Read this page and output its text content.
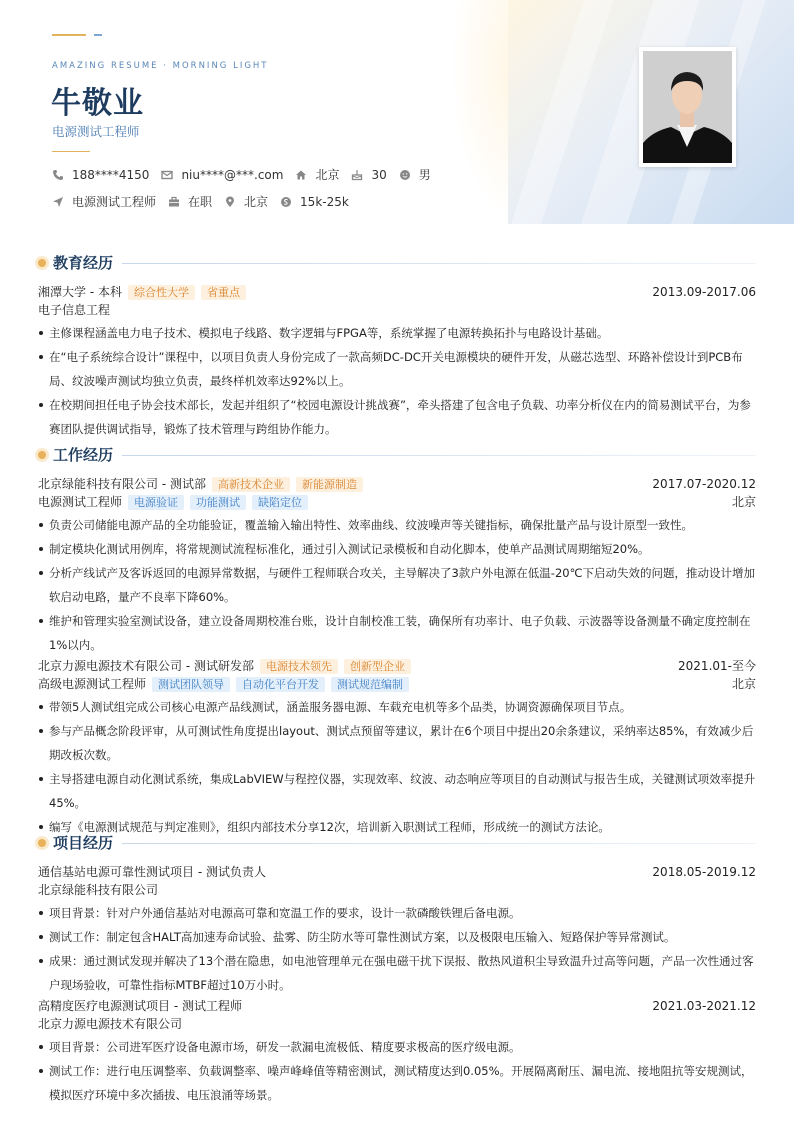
AMAZING RESUME · MORNING LIGHT
牛敬业
电源测试工程师
188****4150	niu****@***.com	北京	30	男
电源测试工程师	在职	北京	15k-25k
教育经历
湘潭大学 - 本科	综合性大学	省重点	2013.09-2017.06
电子信息工程
主修课程涵盖电力电子技术、模拟电子线路、数字逻辑与FPGA等，系统掌握了电源转换拓扑与电路设计基础。
在“电子系统综合设计”课程中，以项目负责人身份完成了一款高频DC-DC开关电源模块的硬件开发，从磁芯选型、环路补偿设计到PCB布局、纹波噪声测试均独立负责，最终样机效率达92%以上。
在校期间担任电子协会技术部长，发起并组织了“校园电源设计挑战赛”，牵头搭建了包含电子负载、功率分析仪在内的简易测试平台，为参赛团队提供调试指导，锻炼了技术管理与跨组协作能力。
工作经历
北京绿能科技有限公司 - 测试部	高新技术企业	新能源制造	2017.07-2020.12
电源测试工程师	电源验证	功能测试	缺陷定位	北京
负责公司储能电源产品的全功能验证，覆盖输入输出特性、效率曲线、纹波噪声等关键指标，确保批量产品与设计原型一致性。
制定模块化测试用例库，将常规测试流程标准化，通过引入测试记录模板和自动化脚本，使单产品测试周期缩短20%。
分析产线试产及客诉返回的电源异常数据，与硬件工程师联合攻关，主导解决了3款户外电源在低温-20℃下启动失效的问题，推动设计增加软启动电路，量产不良率下降60%。
维护和管理实验室测试设备，建立设备周期校准台账，设计自制校准工装，确保所有功率计、电子负载、示波器等设备测量不确定度控制在1%以内。
北京力源电源技术有限公司 - 测试研发部	电源技术领先	创新型企业	2021.01-至今
高级电源测试工程师	测试团队领导	自动化平台开发	测试规范编制	北京
带领5人测试组完成公司核心电源产品线测试，涵盖服务器电源、车载充电机等多个品类，协调资源确保项目节点。
参与产品概念阶段评审，从可测试性角度提出layout、测试点预留等建议，累计在6个项目中提出20余条建议，采纳率达85%，有效减少后期改板次数。
主导搭建电源自动化测试系统，集成LabVIEW与程控仪器，实现效率、纹波、动态响应等项目的自动测试与报告生成，关键测试项效率提升45%。
编写《电源测试规范与判定准则》，组织内部技术分享12次，培训新入职测试工程师，形成统一的测试方法论。
项目经历
通信基站电源可靠性测试项目 - 测试负责人	2018.05-2019.12
北京绿能科技有限公司
项目背景：针对户外通信基站对电源高可靠和宽温工作的要求，设计一款磷酸铁锂后备电源。
测试工作：制定包含HALT高加速寿命试验、盐雾、防尘防水等可靠性测试方案，以及极限电压输入、短路保护等异常测试。
成果：通过测试发现并解决了13个潜在隐患，如电池管理单元在强电磁干扰下误报、散热风道积尘导致温升过高等问题，产品一次性通过客户现场验收，可靠性指标MTBF超过10万小时。
高精度医疗电源测试项目 - 测试工程师	2021.03-2021.12
北京力源电源技术有限公司
项目背景：公司进军医疗设备电源市场，研发一款漏电流极低、精度要求极高的医疗级电源。
测试工作：进行电压调整率、负载调整率、噪声峰峰值等精密测试，测试精度达到0.05%。开展隔离耐压、漏电流、接地阻抗等安规测试，模拟医疗环境中多次插拔、电压浪涌等场景。
